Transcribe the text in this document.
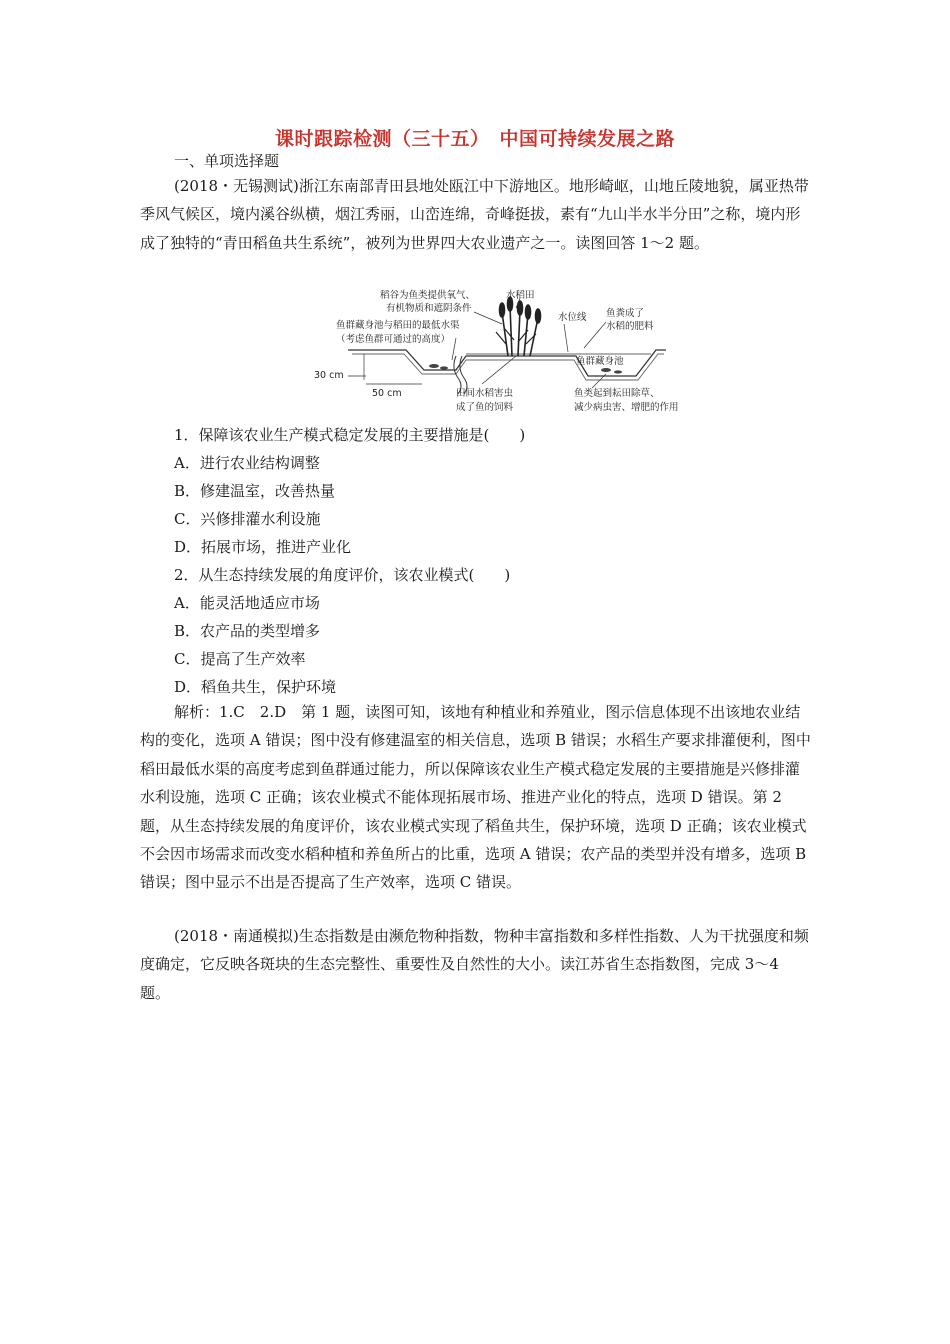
课时跟踪检测（三十五）　中国可持续发展之路
一、单项选择题
(2018・无锡测试)浙江东南部青田县地处瓯江中下游地区。地形崎岖，山地丘陵地貌，属亚热带季风气候区，境内溪谷纵横，烟江秀丽，山峦连绵，奇峰挺拔，素有“九山半水半分田”之称，境内形成了独特的“青田稻鱼共生系统”，被列为世界四大农业遗产之一。读图回答 1～2 题。
稻谷为鱼类提供氧气、
有机物质和遮阴条件
水稻田
鱼群藏身池与稻田的最低水渠
（考虑鱼群可通过的高度）
水位线 鱼粪成了
水稻的肥料
30 cm
50 cm
鱼群藏身池
田间水稻害虫
成了鱼的饲料
鱼类起到耘田除草、
减少病虫害、增肥的作用
1．保障该农业生产模式稳定发展的主要措施是(　　)
A．进行农业结构调整
B．修建温室，改善热量
C．兴修排灌水利设施
D．拓展市场，推进产业化
2．从生态持续发展的角度评价，该农业模式(　　)
A．能灵活地适应市场
B．农产品的类型增多
C．提高了生产效率
D．稻鱼共生，保护环境
解析：1.C　2.D　第 1 题，读图可知，该地有种植业和养殖业，图示信息体现不出该地农业结构的变化，选项 A 错误；图中没有修建温室的相关信息，选项 B 错误；水稻生产要求排灌便利，图中稻田最低水渠的高度考虑到鱼群通过能力，所以保障该农业生产模式稳定发展的主要措施是兴修排灌水利设施，选项 C 正确；该农业模式不能体现拓展市场、推进产业化的特点，选项 D 错误。第 2 题，从生态持续发展的角度评价，该农业模式实现了稻鱼共生，保护环境，选项 D 正确；该农业模式不会因市场需求而改变水稻种植和养鱼所占的比重，选项 A 错误；农产品的类型并没有增多，选项 B 错误；图中显示不出是否提高了生产效率，选项 C 错误。
(2018・南通模拟)生态指数是由濒危物种指数，物种丰富指数和多样性指数、人为干扰强度和频度确定，它反映各斑块的生态完整性、重要性及自然性的大小。读江苏省生态指数图，完成 3～4 题。
